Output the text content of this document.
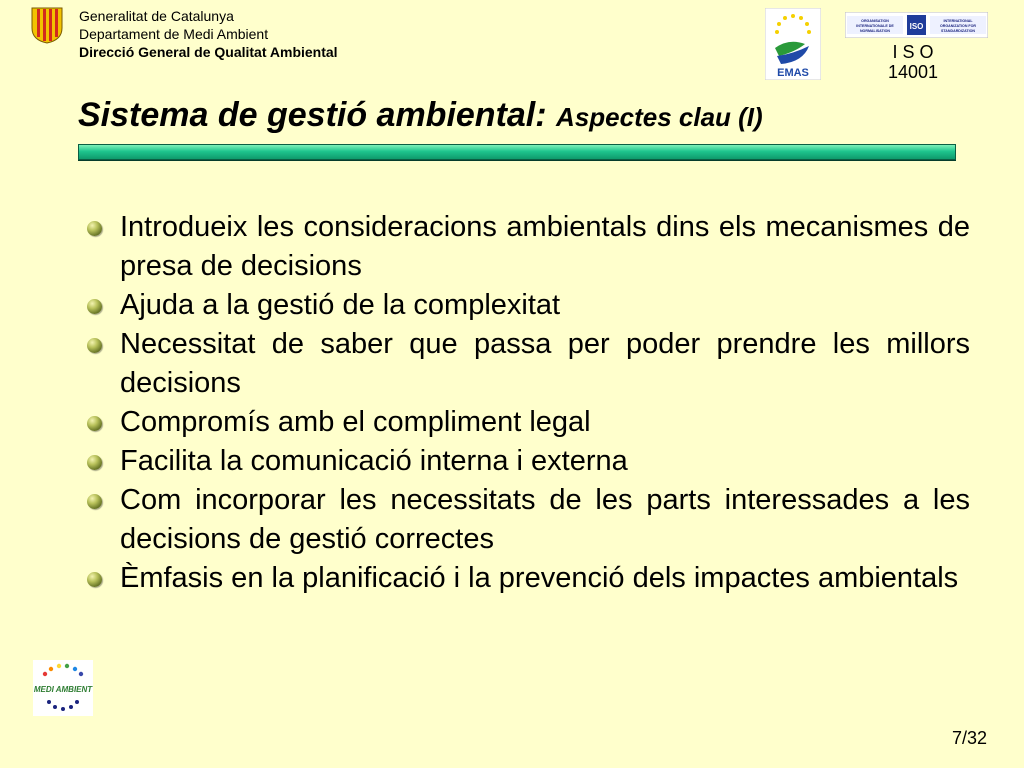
Generalitat de Catalunya
Departament de Medi Ambient
Direcció General de Qualitat Ambiental
EMAS
ORGANISATION
INTERNATIONALE DE
NORMALISATION ISO
INTERNATIONAL
ORGANIZATION FOR
STANDARDIZATION
I S O
14001
Sistema de gestió ambiental: Aspectes clau (I)
Introdueix les consideracions ambientals dins els mecanismes de presa de decisions
Ajuda a la gestió de la complexitat
Necessitat de saber que passa per poder prendre les millors decisions
Compromís amb el compliment legal
Facilita la comunicació interna i externa
Com incorporar les necessitats de les parts interessades a les decisions de gestió correctes
Èmfasis en la planificació i la prevenció dels impactes ambientals
MEDI AMBIENT
7/32
